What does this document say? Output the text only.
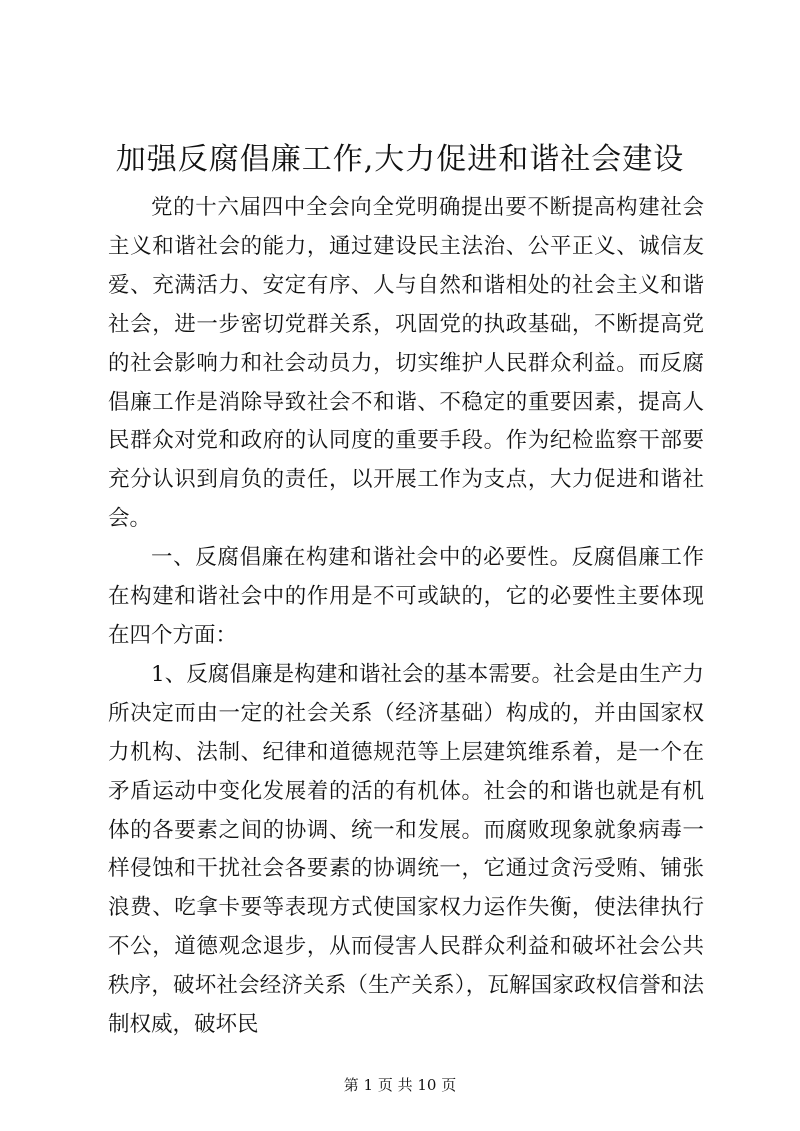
加强反腐倡廉工作,大力促进和谐社会建设

党的十六届四中全会向全党明确提出要不断提高构建社会主义和谐社会的能力，通过建设民主法治、公平正义、诚信友爱、充满活力、安定有序、人与自然和谐相处的社会主义和谐社会，进一步密切党群关系，巩固党的执政基础，不断提高党的社会影响力和社会动员力，切实维护人民群众利益。而反腐倡廉工作是消除导致社会不和谐、不稳定的重要因素，提高人民群众对党和政府的认同度的重要手段。作为纪检监察干部要充分认识到肩负的责任，以开展工作为支点，大力促进和谐社会。

一、反腐倡廉在构建和谐社会中的必要性。反腐倡廉工作在构建和谐社会中的作用是不可或缺的，它的必要性主要体现在四个方面：

1、反腐倡廉是构建和谐社会的基本需要。社会是由生产力所决定而由一定的社会关系（经济基础）构成的，并由国家权力机构、法制、纪律和道德规范等上层建筑维系着，是一个在矛盾运动中变化发展着的活的有机体。社会的和谐也就是有机体的各要素之间的协调、统一和发展。而腐败现象就象病毒一样侵蚀和干扰社会各要素的协调统一，它通过贪污受贿、铺张浪费、吃拿卡要等表现方式使国家权力运作失衡，使法律执行不公，道德观念退步，从而侵害人民群众利益和破坏社会公共秩序，破坏社会经济关系（生产关系），瓦解国家政权信誉和法制权威，破坏民

第 1 页 共 10 页
